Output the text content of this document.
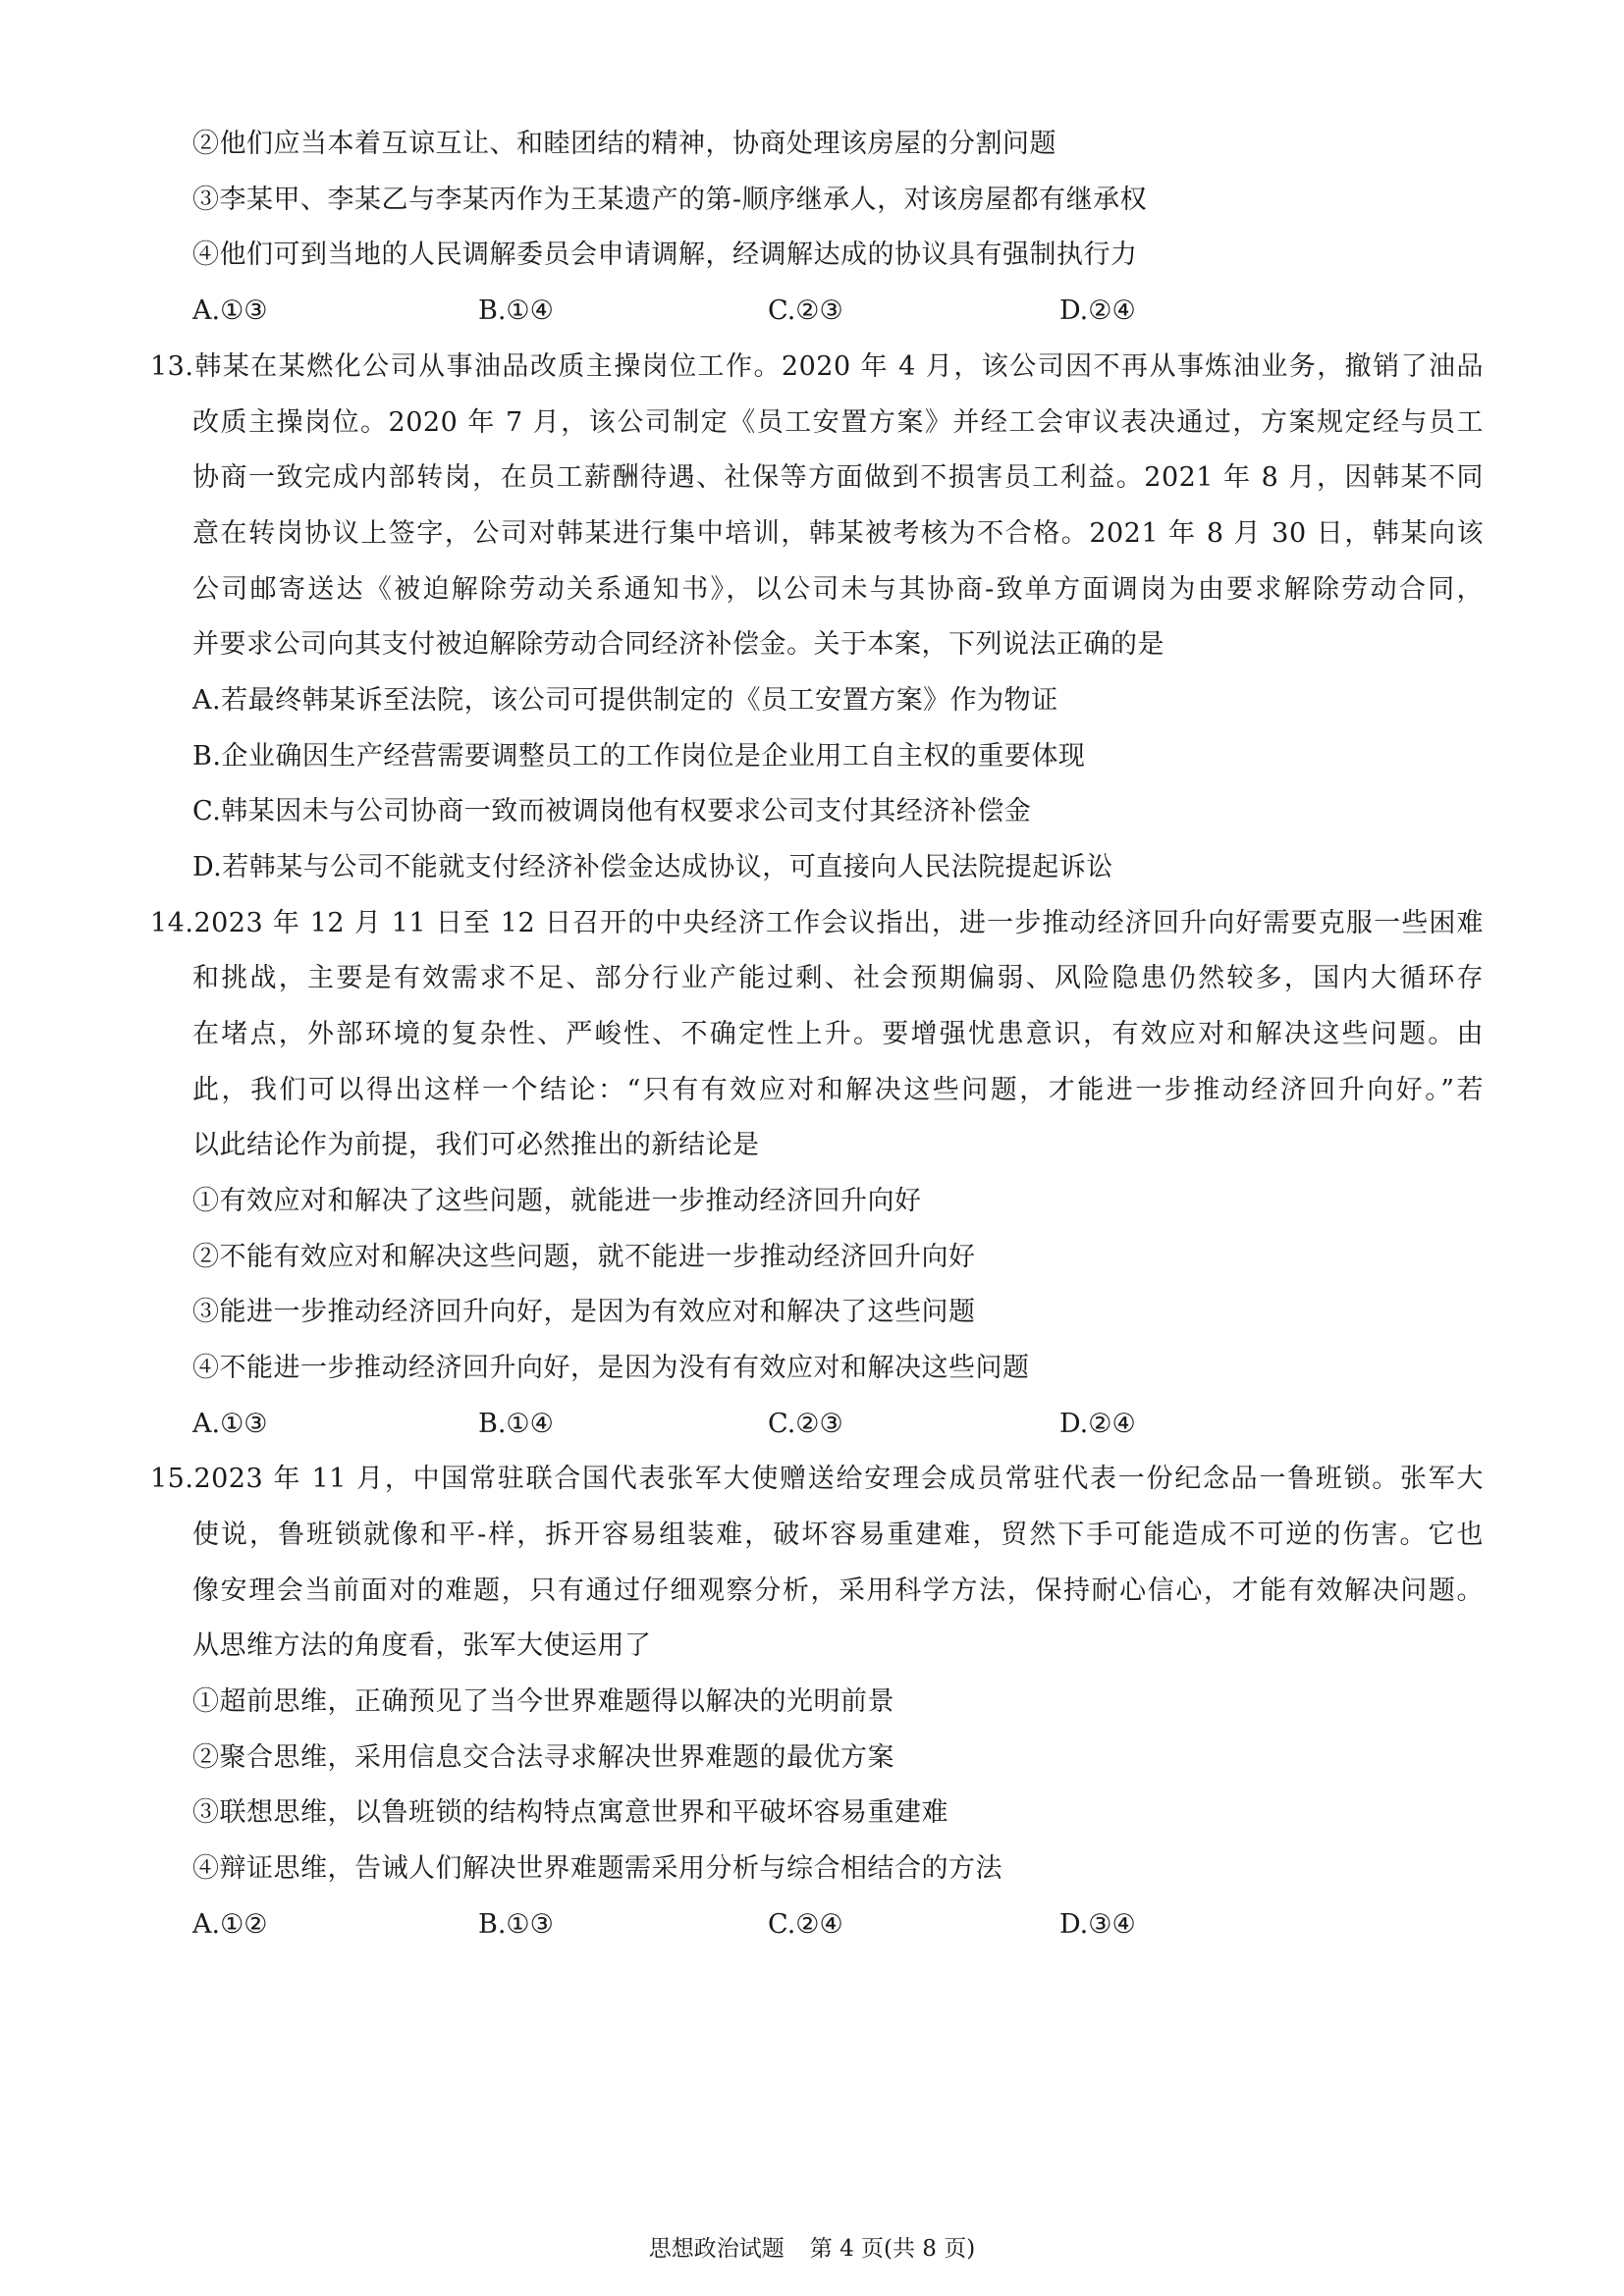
②他们应当本着互谅互让、和睦团结的精神，协商处理该房屋的分割问题
③李某甲、李某乙与李某丙作为王某遗产的第-顺序继承人，对该房屋都有继承权
④他们可到当地的人民调解委员会申请调解，经调解达成的协议具有强制执行力
A.①③	B.①④	C.②③	D.②④
13.韩某在某燃化公司从事油品改质主操岗位工作。2020 年 4 月，该公司因不再从事炼油业务，撤销了油品
改质主操岗位。2020 年 7 月，该公司制定《员工安置方案》并经工会审议表决通过，方案规定经与员工
协商一致完成内部转岗，在员工薪酬待遇、社保等方面做到不损害员工利益。2021 年 8 月，因韩某不同
意在转岗协议上签字，公司对韩某进行集中培训，韩某被考核为不合格。2021 年 8 月 30 日，韩某向该
公司邮寄送达《被迫解除劳动关系通知书》，以公司未与其协商-致单方面调岗为由要求解除劳动合同，
并要求公司向其支付被迫解除劳动合同经济补偿金。关于本案，下列说法正确的是
A.若最终韩某诉至法院，该公司可提供制定的《员工安置方案》作为物证
B.企业确因生产经营需要调整员工的工作岗位是企业用工自主权的重要体现
C.韩某因未与公司协商一致而被调岗他有权要求公司支付其经济补偿金
D.若韩某与公司不能就支付经济补偿金达成协议，可直接向人民法院提起诉讼
14.2023 年 12 月 11 日至 12 日召开的中央经济工作会议指出，进一步推动经济回升向好需要克服一些困难
和挑战，主要是有效需求不足、部分行业产能过剩、社会预期偏弱、风险隐患仍然较多，国内大循环存
在堵点，外部环境的复杂性、严峻性、不确定性上升。要增强忧患意识，有效应对和解决这些问题。由
此，我们可以得出这样一个结论：“只有有效应对和解决这些问题，才能进一步推动经济回升向好。”若
以此结论作为前提，我们可必然推出的新结论是
①有效应对和解决了这些问题，就能进一步推动经济回升向好
②不能有效应对和解决这些问题，就不能进一步推动经济回升向好
③能进一步推动经济回升向好，是因为有效应对和解决了这些问题
④不能进一步推动经济回升向好，是因为没有有效应对和解决这些问题
A.①③	B.①④	C.②③	D.②④
15.2023 年 11 月，中国常驻联合国代表张军大使赠送给安理会成员常驻代表一份纪念品一鲁班锁。张军大
使说，鲁班锁就像和平-样，拆开容易组装难，破坏容易重建难，贸然下手可能造成不可逆的伤害。它也
像安理会当前面对的难题，只有通过仔细观察分析，采用科学方法，保持耐心信心，才能有效解决问题。
从思维方法的角度看，张军大使运用了
①超前思维，正确预见了当今世界难题得以解决的光明前景
②聚合思维，采用信息交合法寻求解决世界难题的最优方案
③联想思维，以鲁班锁的结构特点寓意世界和平破坏容易重建难
④辩证思维，告诫人们解决世界难题需采用分析与综合相结合的方法
A.①②	B.①③	C.②④	D.③④
思想政治试题 第 4 页(共 8 页)
